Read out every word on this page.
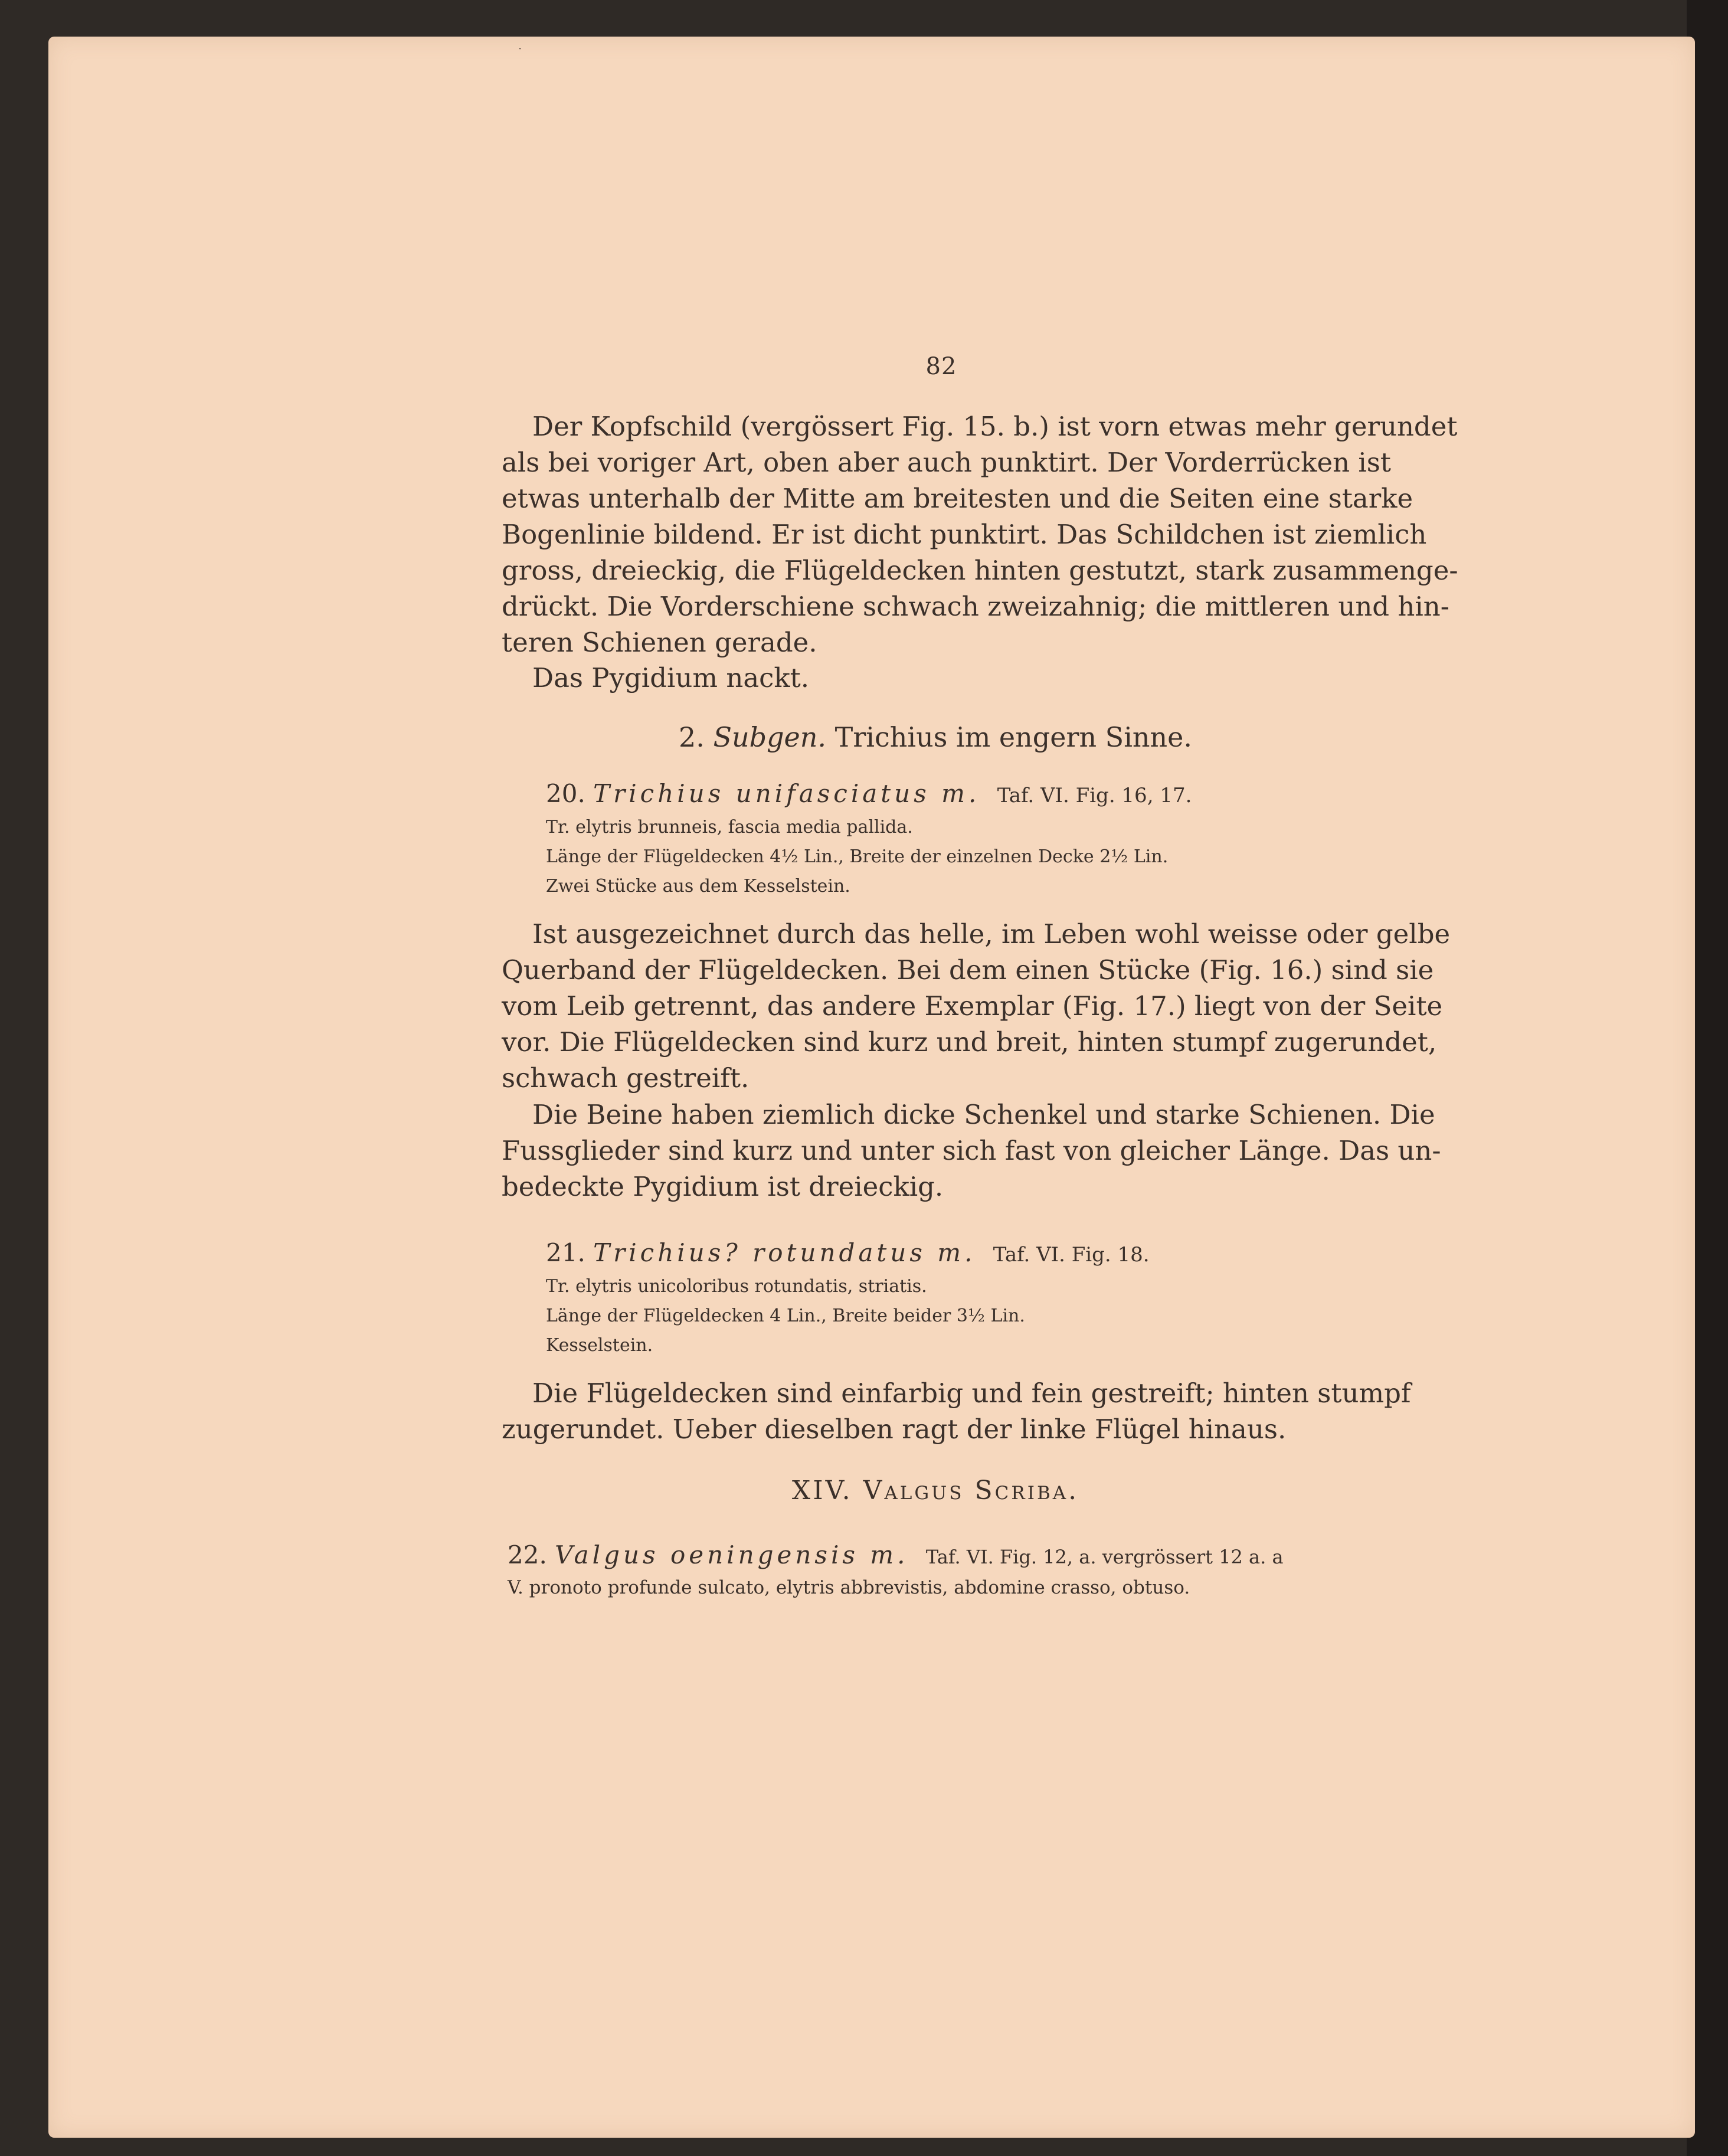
·
82
Der Kopfschild (vergössert Fig. 15. b.) ist vorn etwas mehr gerundet
als bei voriger Art, oben aber auch punktirt. Der Vorderrücken ist
etwas unterhalb der Mitte am breitesten und die Seiten eine starke
Bogenlinie bildend. Er ist dicht punktirt. Das Schildchen ist ziemlich
gross, dreieckig, die Flügeldecken hinten gestutzt, stark zusammenge-
drückt. Die Vorderschiene schwach zweizahnig; die mittleren und hin-
teren Schienen gerade.
Das Pygidium nackt.
2. Subgen. Trichius im engern Sinne.
20. Trichius unifasciatus m. Taf. VI. Fig. 16, 17.
Tr. elytris brunneis, fascia media pallida.
Länge der Flügeldecken 4½ Lin., Breite der einzelnen Decke 2½ Lin.
Zwei Stücke aus dem Kesselstein.
Ist ausgezeichnet durch das helle, im Leben wohl weisse oder gelbe
Querband der Flügeldecken. Bei dem einen Stücke (Fig. 16.) sind sie
vom Leib getrennt, das andere Exemplar (Fig. 17.) liegt von der Seite
vor. Die Flügeldecken sind kurz und breit, hinten stumpf zugerundet,
schwach gestreift.
Die Beine haben ziemlich dicke Schenkel und starke Schienen. Die
Fussglieder sind kurz und unter sich fast von gleicher Länge. Das un-
bedeckte Pygidium ist dreieckig.
21. Trichius? rotundatus m. Taf. VI. Fig. 18.
Tr. elytris unicoloribus rotundatis, striatis.
Länge der Flügeldecken 4 Lin., Breite beider 3½ Lin.
Kesselstein.
Die Flügeldecken sind einfarbig und fein gestreift; hinten stumpf
zugerundet. Ueber dieselben ragt der linke Flügel hinaus.
XIV. Valgus Scriba.
22. Valgus oeningensis m. Taf. VI. Fig. 12, a. vergrössert 12 a. a
V. pronoto profunde sulcato, elytris abbrevistis, abdomine crasso, obtuso.
